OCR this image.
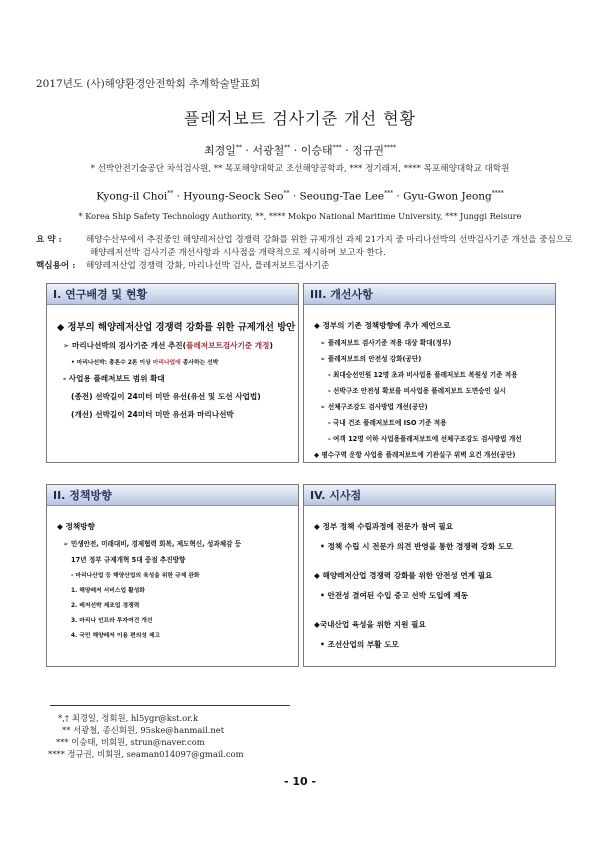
2017년도 (사)해양환경안전학회 추계학술발표회
플레저보트 검사기준 개선 현황
최경일** · 서광철** · 이승태*** · 정규권****
* 선박안전기술공단 차석검사원, ** 목포해양대학교 조선해양공학과, *** 정기래저, **** 목포해양대학교 대학원
Kyong-il Choi** · Hyoung-Seock Seo** · Seoung-Tae Lee*** · Gyu-Gwon Jeong****
* Korea Ship Safety Technology Authority, **, **** Mokpo National Maritime University, *** Junggi Reisure
요 약 :	해양수산부에서 추진중인 해양레저산업 경쟁력 강화를 위한 규제개선 과제 21가지 중 마리나선박의 선박검사기준 개선을 중심으로
해양레저선박 검사기준 개선사항과 시사점을 개략적으로 제시하며 보고자 한다.
핵심용어 : 해양레저산업 경쟁력 강화, 마리나선박 검사, 플레저보트검사기준
I. 연구배경 및 현황
◆ 정부의 해양레저산업 경쟁력 강화를 위한 규제개선 방안
➢ 마리나선박의 검사기준 개선 추진(플레저보트검사기준 개정)
• 마리나선박: 총톤수 2톤 이상 마리나업에 종사하는 선박
- 사업용 플레저보트 범위 확대
(종전) 선박길이 24미터 미만 유선(유선 및 도선 사업법)
(개선) 선박길이 24미터 미만 유선과 마리나선박
III. 개선사항
◆ 정부의 기존 정책방향에 추가 제언으로
➢ 플레저보트 검사기준 적용 대상 확대(정부)
➢ 플레저보트의 안전성 강화(공단)
- 최대승선인원 12명 초과 비사업용 플레저보트 복원성 기준 적용
- 선박구조 안전성 확보를 비사업용 플레저보트 도면승인 실시
➢ 선체구조강도 검사방법 개선(공단)
- 국내 건조 플레저보트에 ISO 기준 적용
- 여객 12명 이하 사업용플레저보트에 선체구조강도 검사방법 개선
◆ 평수구역 운항 사업용 플레저보트에 기관실구 위벽 요건 개선(공단)
II. 정책방향
◆ 정책방향
➢ 민생안전, 미래대비, 경제협력 회복, 제도혁신, 성과체감 등
17년 정부 규제개혁 5대 중점 추진방향
- 마리나산업 등 해양산업의 육성을 위한 규제 완화
1. 해양레저 서비스업 활성화
2. 레저선박 제조업 경쟁력
3. 마리나 인프라 투자여건 개선
4. 국민 해양레저 이용 편의성 제고
IV. 시사점
◆ 정부 정책 수립과정에 전문가 참여 필요
• 정책 수립 시 전문가 의견 반영을 통한 경쟁력 강화 도모
◆ 해양레저산업 경쟁력 강화를 위한 안전성 연계 필요
• 안전성 결여된 수입 중고 선박 도입에 제동
◆국내산업 육성을 위한 지원 필요
• 조선산업의 부활 도모
*,† 최경일, 정회원, hl5ygr@kst.or.k
** 서광철, 종신회원, 95ske@hanmail.net
*** 이승태, 비회원, strun@naver.com
**** 정규권, 비회원, seaman014097@gmail.com
- 10 -
